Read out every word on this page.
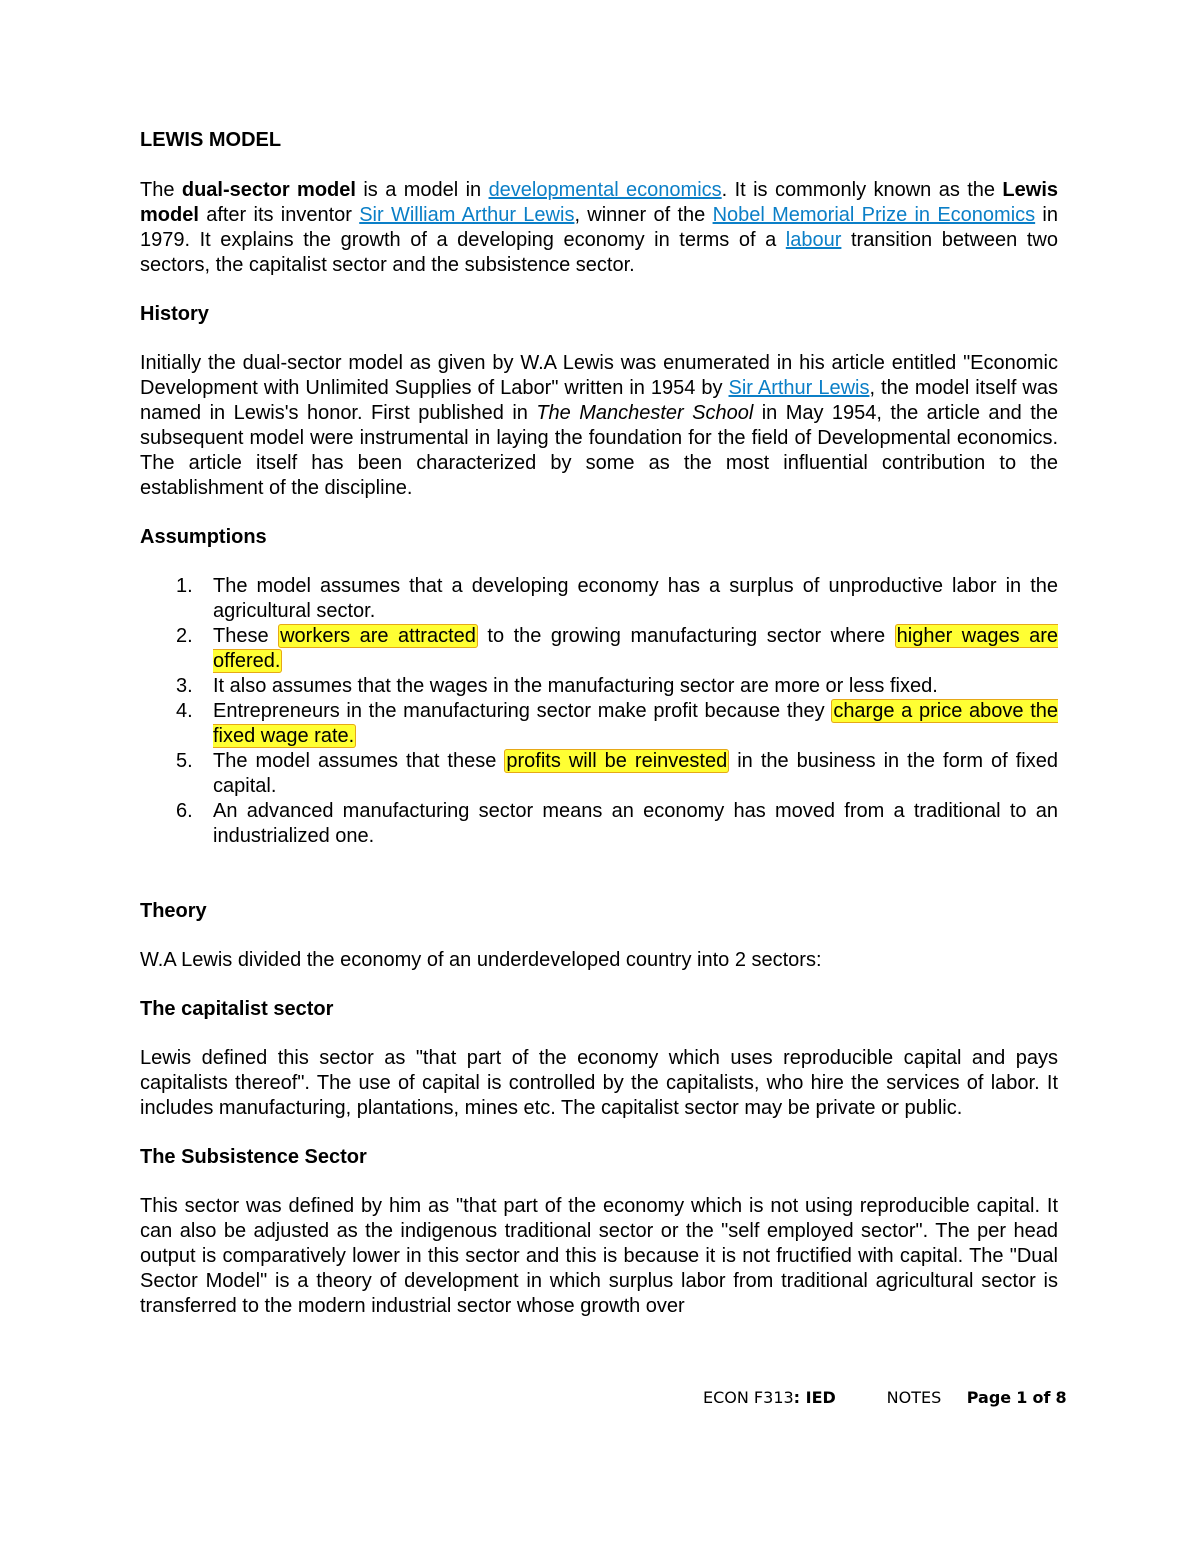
LEWIS MODEL

The dual-sector model is a model in developmental economics. It is commonly known as the Lewis model after its inventor Sir William Arthur Lewis, winner of the Nobel Memorial Prize in Economics in 1979. It explains the growth of a developing economy in terms of a labour transition between two sectors, the capitalist sector and the subsistence sector.

History

Initially the dual-sector model as given by W.A Lewis was enumerated in his article entitled "Economic Development with Unlimited Supplies of Labor" written in 1954 by Sir Arthur Lewis, the model itself was named in Lewis's honor. First published in The Manchester School in May 1954, the article and the subsequent model were instrumental in laying the foundation for the field of Developmental economics. The article itself has been characterized by some as the most influential contribution to the establishment of the discipline.

Assumptions
1. The model assumes that a developing economy has a surplus of unproductive labor in the agricultural sector.
2. These workers are attracted to the growing manufacturing sector where higher wages are offered.
3. It also assumes that the wages in the manufacturing sector are more or less fixed.
4. Entrepreneurs in the manufacturing sector make profit because they charge a price above the fixed wage rate.
5. The model assumes that these profits will be reinvested in the business in the form of fixed capital.
6. An advanced manufacturing sector means an economy has moved from a traditional to an industrialized one.
Theory

W.A Lewis divided the economy of an underdeveloped country into 2 sectors:

The capitalist sector

Lewis defined this sector as "that part of the economy which uses reproducible capital and pays capitalists thereof". The use of capital is controlled by the capitalists, who hire the services of labor. It includes manufacturing, plantations, mines etc. The capitalist sector may be private or public.

The Subsistence Sector

This sector was defined by him as "that part of the economy which is not using reproducible capital. It can also be adjusted as the indigenous traditional sector or the "self employed sector". The per head output is comparatively lower in this sector and this is because it is not fructified with capital. The "Dual Sector Model" is a theory of development in which surplus labor from traditional agricultural sector is transferred to the modern industrial sector whose growth over

ECON F313: IED	NOTES Page 1 of 8
